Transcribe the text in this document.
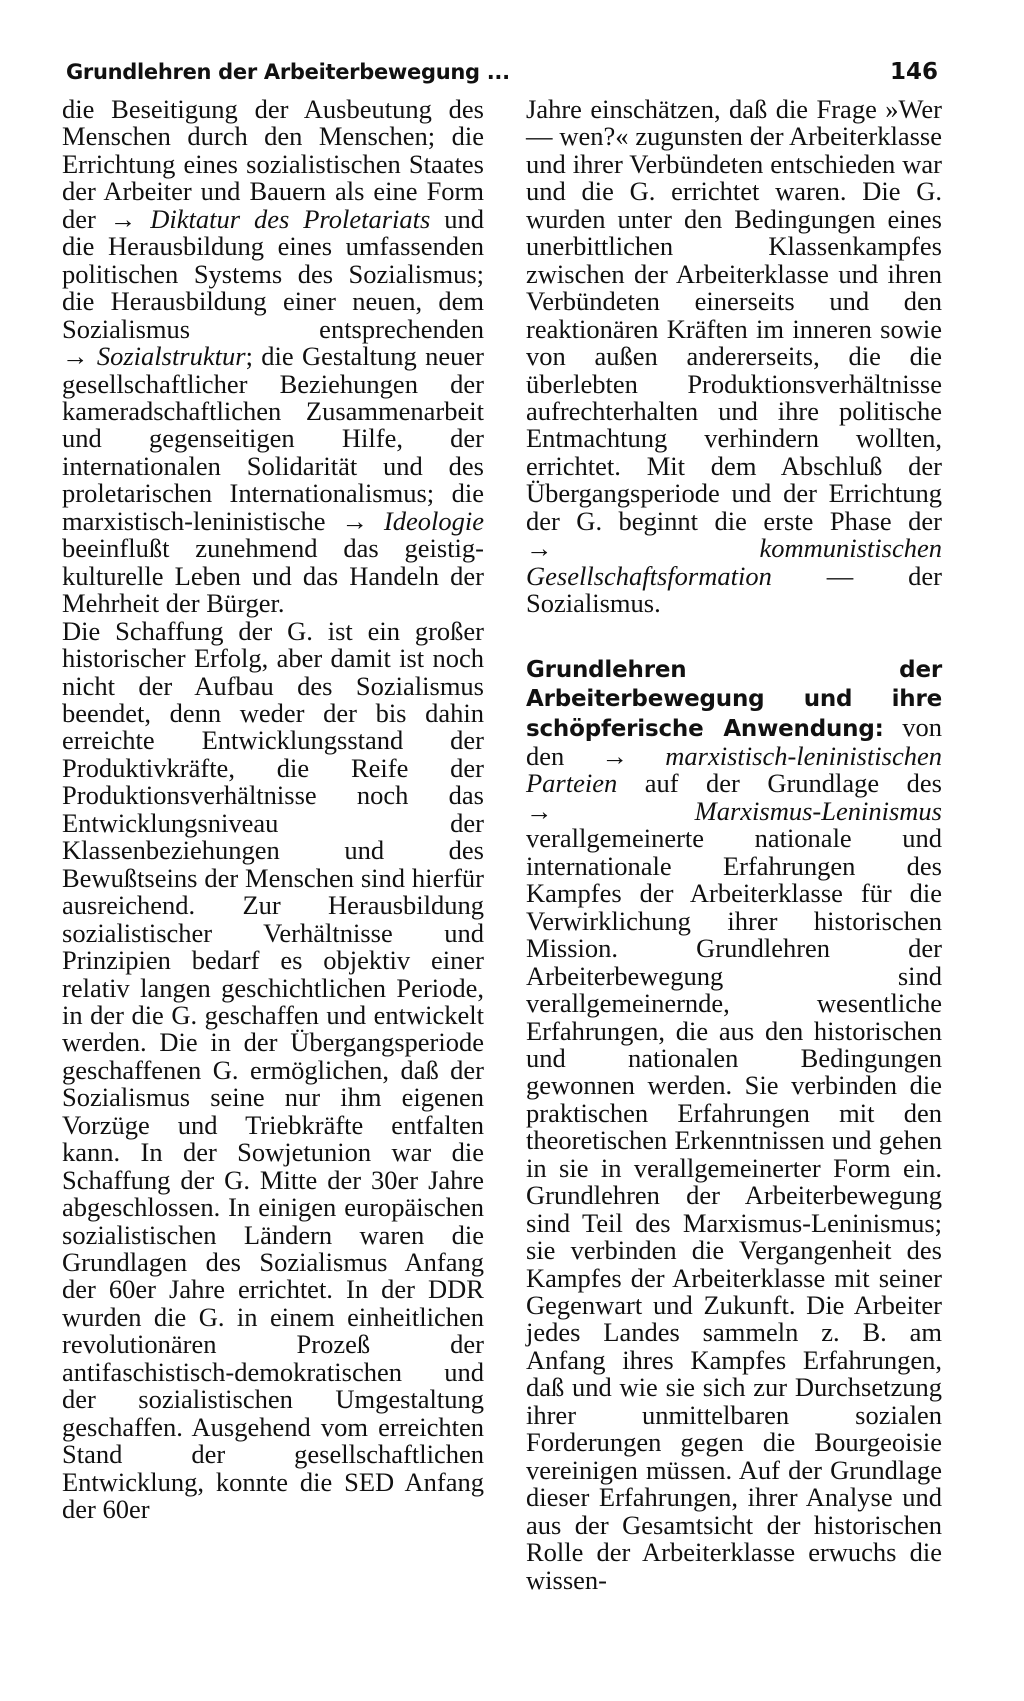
Grundlehren der Arbeiterbewegung ...	146

die Beseitigung der Ausbeutung des Menschen durch den Menschen; die Errichtung eines sozialistischen Staates der Arbeiter und Bauern als eine Form der → Diktatur des Proletariats und die Herausbildung eines umfassenden politischen Systems des Sozialismus; die Herausbildung einer neuen, dem Sozialismus entsprechenden → Sozialstruktur; die Gestaltung neuer gesellschaftlicher Beziehungen der kameradschaftlichen Zusammenarbeit und gegenseitigen Hilfe, der internationalen Solidarität und des proletarischen Internationalismus; die marxistisch-leninistische → Ideologie beeinflußt zunehmend das geistig-kulturelle Leben und das Handeln der Mehrheit der Bürger.

Die Schaffung der G. ist ein großer historischer Erfolg, aber damit ist noch nicht der Aufbau des Sozialismus beendet, denn weder der bis dahin erreichte Entwicklungsstand der Produktivkräfte, die Reife der Produktionsverhältnisse noch das Entwicklungsniveau der Klassenbeziehungen und des Bewußtseins der Menschen sind hierfür ausreichend. Zur Herausbildung sozialistischer Verhältnisse und Prinzipien bedarf es objektiv einer relativ langen geschichtlichen Periode, in der die G. geschaffen und entwickelt werden. Die in der Übergangsperiode geschaffenen G. ermöglichen, daß der Sozialismus seine nur ihm eigenen Vorzüge und Triebkräfte entfalten kann. In der Sowjetunion war die Schaffung der G. Mitte der 30er Jahre abgeschlossen. In einigen europäischen sozialistischen Ländern waren die Grundlagen des Sozialismus Anfang der 60er Jahre errichtet. In der DDR wurden die G. in einem einheitlichen revolutionären Prozeß der antifaschistisch-demokratischen und der sozialistischen Umgestaltung geschaffen. Ausgehend vom erreichten Stand der gesellschaftlichen Entwicklung, konnte die SED Anfang der 60er

Jahre einschätzen, daß die Frage »Wer — wen?« zugunsten der Arbeiterklasse und ihrer Verbündeten entschieden war und die G. errichtet waren. Die G. wurden unter den Bedingungen eines unerbittlichen Klassenkampfes zwischen der Arbeiterklasse und ihren Verbündeten einerseits und den reaktionären Kräften im inneren sowie von außen andererseits, die die überlebten Produktionsverhältnisse aufrechterhalten und ihre politische Entmachtung verhindern wollten, errichtet. Mit dem Abschluß der Übergangsperiode und der Errichtung der G. beginnt die erste Phase der →	kommunistischen Gesellschaftsformation — der Sozialismus.

Grundlehren der Arbeiterbewegung und ihre schöpferische Anwendung: von den → marxistisch-leninistischen Parteien auf der Grundlage des →	Marxismus-Leninismus verallgemeinerte nationale und internationale Erfahrungen des Kampfes der Arbeiterklasse für die Verwirklichung ihrer historischen Mission. Grundlehren der Arbeiterbewegung sind verallgemeinernde, wesentliche Erfahrungen, die aus den historischen und nationalen Bedingungen gewonnen werden. Sie verbinden die praktischen Erfahrungen mit den theoretischen Erkenntnissen und gehen in sie in verallgemeinerter Form ein. Grundlehren der Arbeiterbewegung sind Teil des Marxismus-Leninismus; sie verbinden die Vergangenheit des Kampfes der Arbeiterklasse mit seiner Gegenwart und Zukunft. Die Arbeiter jedes Landes sammeln z. B. am Anfang ihres Kampfes Erfahrungen, daß und wie sie sich zur Durchsetzung ihrer unmittelbaren sozialen Forderungen gegen die Bourgeoisie vereinigen müssen. Auf der Grundlage dieser Erfahrungen, ihrer Analyse und aus der Gesamtsicht der historischen Rolle der Arbeiterklasse erwuchs die wissen-
